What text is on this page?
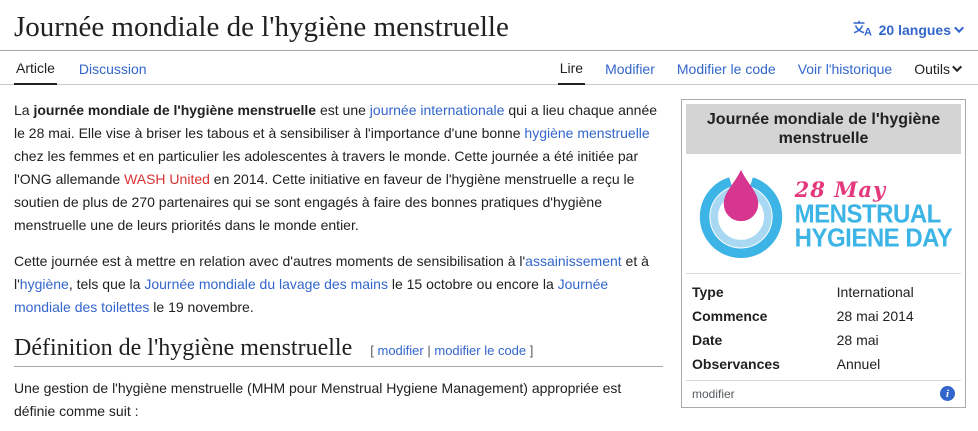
Journée mondiale de l'hygiène menstruelle	A 20 langues
Article Discussion	Lire Modifier Modifier le code Voir l'historique Outils

La journée mondiale de l'hygiène menstruelle est une journée internationale qui a lieu chaque année le 28 mai. Elle vise à briser les tabous et à sensibiliser à l'importance d'une bonne hygiène menstruelle chez les femmes et en particulier les adolescentes à travers le monde. Cette journée a été initiée par l'ONG allemande WASH United en 2014. Cette initiative en faveur de l'hygiène menstruelle a reçu le soutien de plus de 270 partenaires qui se sont engagés à faire des bonnes pratiques d'hygiène menstruelle une de leurs priorités dans le monde entier.

Cette journée est à mettre en relation avec d'autres moments de sensibilisation à l'assainissement et à l'hygiène, tels que la Journée mondiale du lavage des mains le 15 octobre ou encore la Journée mondiale des toilettes le 19 novembre.

Définition de l'hygiène menstruelle [ modifier | modifier le code ]

Une gestion de l'hygiène menstruelle (MHM pour Menstrual Hygiene Management) appropriée est définie comme suit :

Journée mondiale de l'hygiène menstruelle
28 May
MENSTRUAL
HYGIENE DAY
Type	International
Commence	28 mai 2014
Date	28 mai
Observances	Annuel
modifier	i
